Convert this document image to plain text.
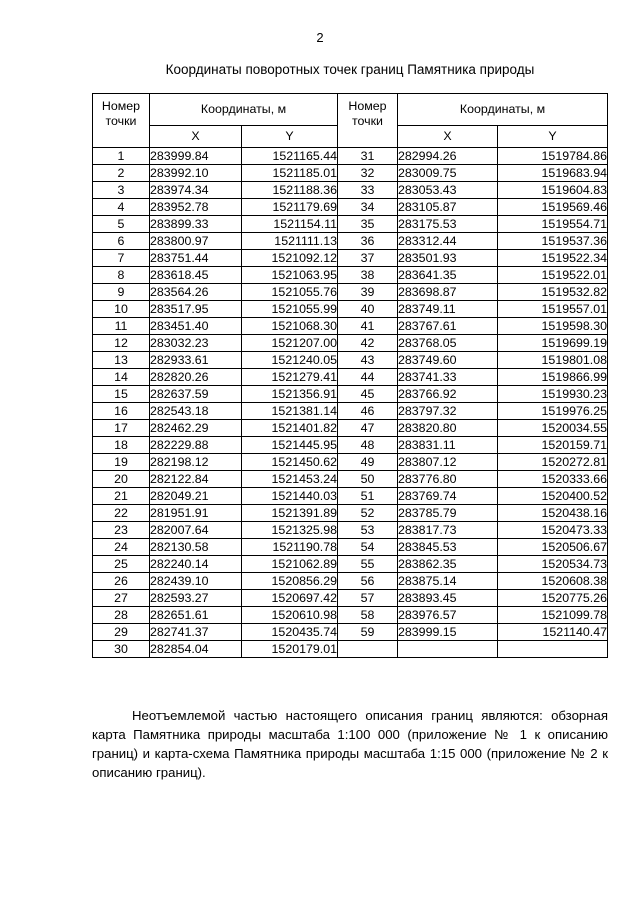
2
Координаты поворотных точек границ Памятника природы
Номер точки	Координаты, м		Номер точки	Координаты, м	
	X	Y		X	Y
1	283999.84	1521165.44	31	282994.26	1519784.86
2	283992.10	1521185.01	32	283009.75	1519683.94
3	283974.34	1521188.36	33	283053.43	1519604.83
4	283952.78	1521179.69	34	283105.87	1519569.46
5	283899.33	1521154.11	35	283175.53	1519554.71
6	283800.97	1521111.13	36	283312.44	1519537.36
7	283751.44	1521092.12	37	283501.93	1519522.34
8	283618.45	1521063.95	38	283641.35	1519522.01
9	283564.26	1521055.76	39	283698.87	1519532.82
10	283517.95	1521055.99	40	283749.11	1519557.01
11	283451.40	1521068.30	41	283767.61	1519598.30
12	283032.23	1521207.00	42	283768.05	1519699.19
13	282933.61	1521240.05	43	283749.60	1519801.08
14	282820.26	1521279.41	44	283741.33	1519866.99
15	282637.59	1521356.91	45	283766.92	1519930.23
16	282543.18	1521381.14	46	283797.32	1519976.25
17	282462.29	1521401.82	47	283820.80	1520034.55
18	282229.88	1521445.95	48	283831.11	1520159.71
19	282198.12	1521450.62	49	283807.12	1520272.81
20	282122.84	1521453.24	50	283776.80	1520333.66
21	282049.21	1521440.03	51	283769.74	1520400.52
22	281951.91	1521391.89	52	283785.79	1520438.16
23	282007.64	1521325.98	53	283817.73	1520473.33
24	282130.58	1521190.78	54	283845.53	1520506.67
25	282240.14	1521062.89	55	283862.35	1520534.73
26	282439.10	1520856.29	56	283875.14	1520608.38
27	282593.27	1520697.42	57	283893.45	1520775.26
28	282651.61	1520610.98	58	283976.57	1521099.78
29	282741.37	1520435.74	59	283999.15	1521140.47
30	282854.04	1520179.01			
Неотъемлемой частью настоящего описания границ являются: обзорная карта Памятника природы масштаба 1:100 000 (приложение № 1 к описанию границ) и карта-схема Памятника природы масштаба 1:15 000 (приложение № 2 к описанию границ).
